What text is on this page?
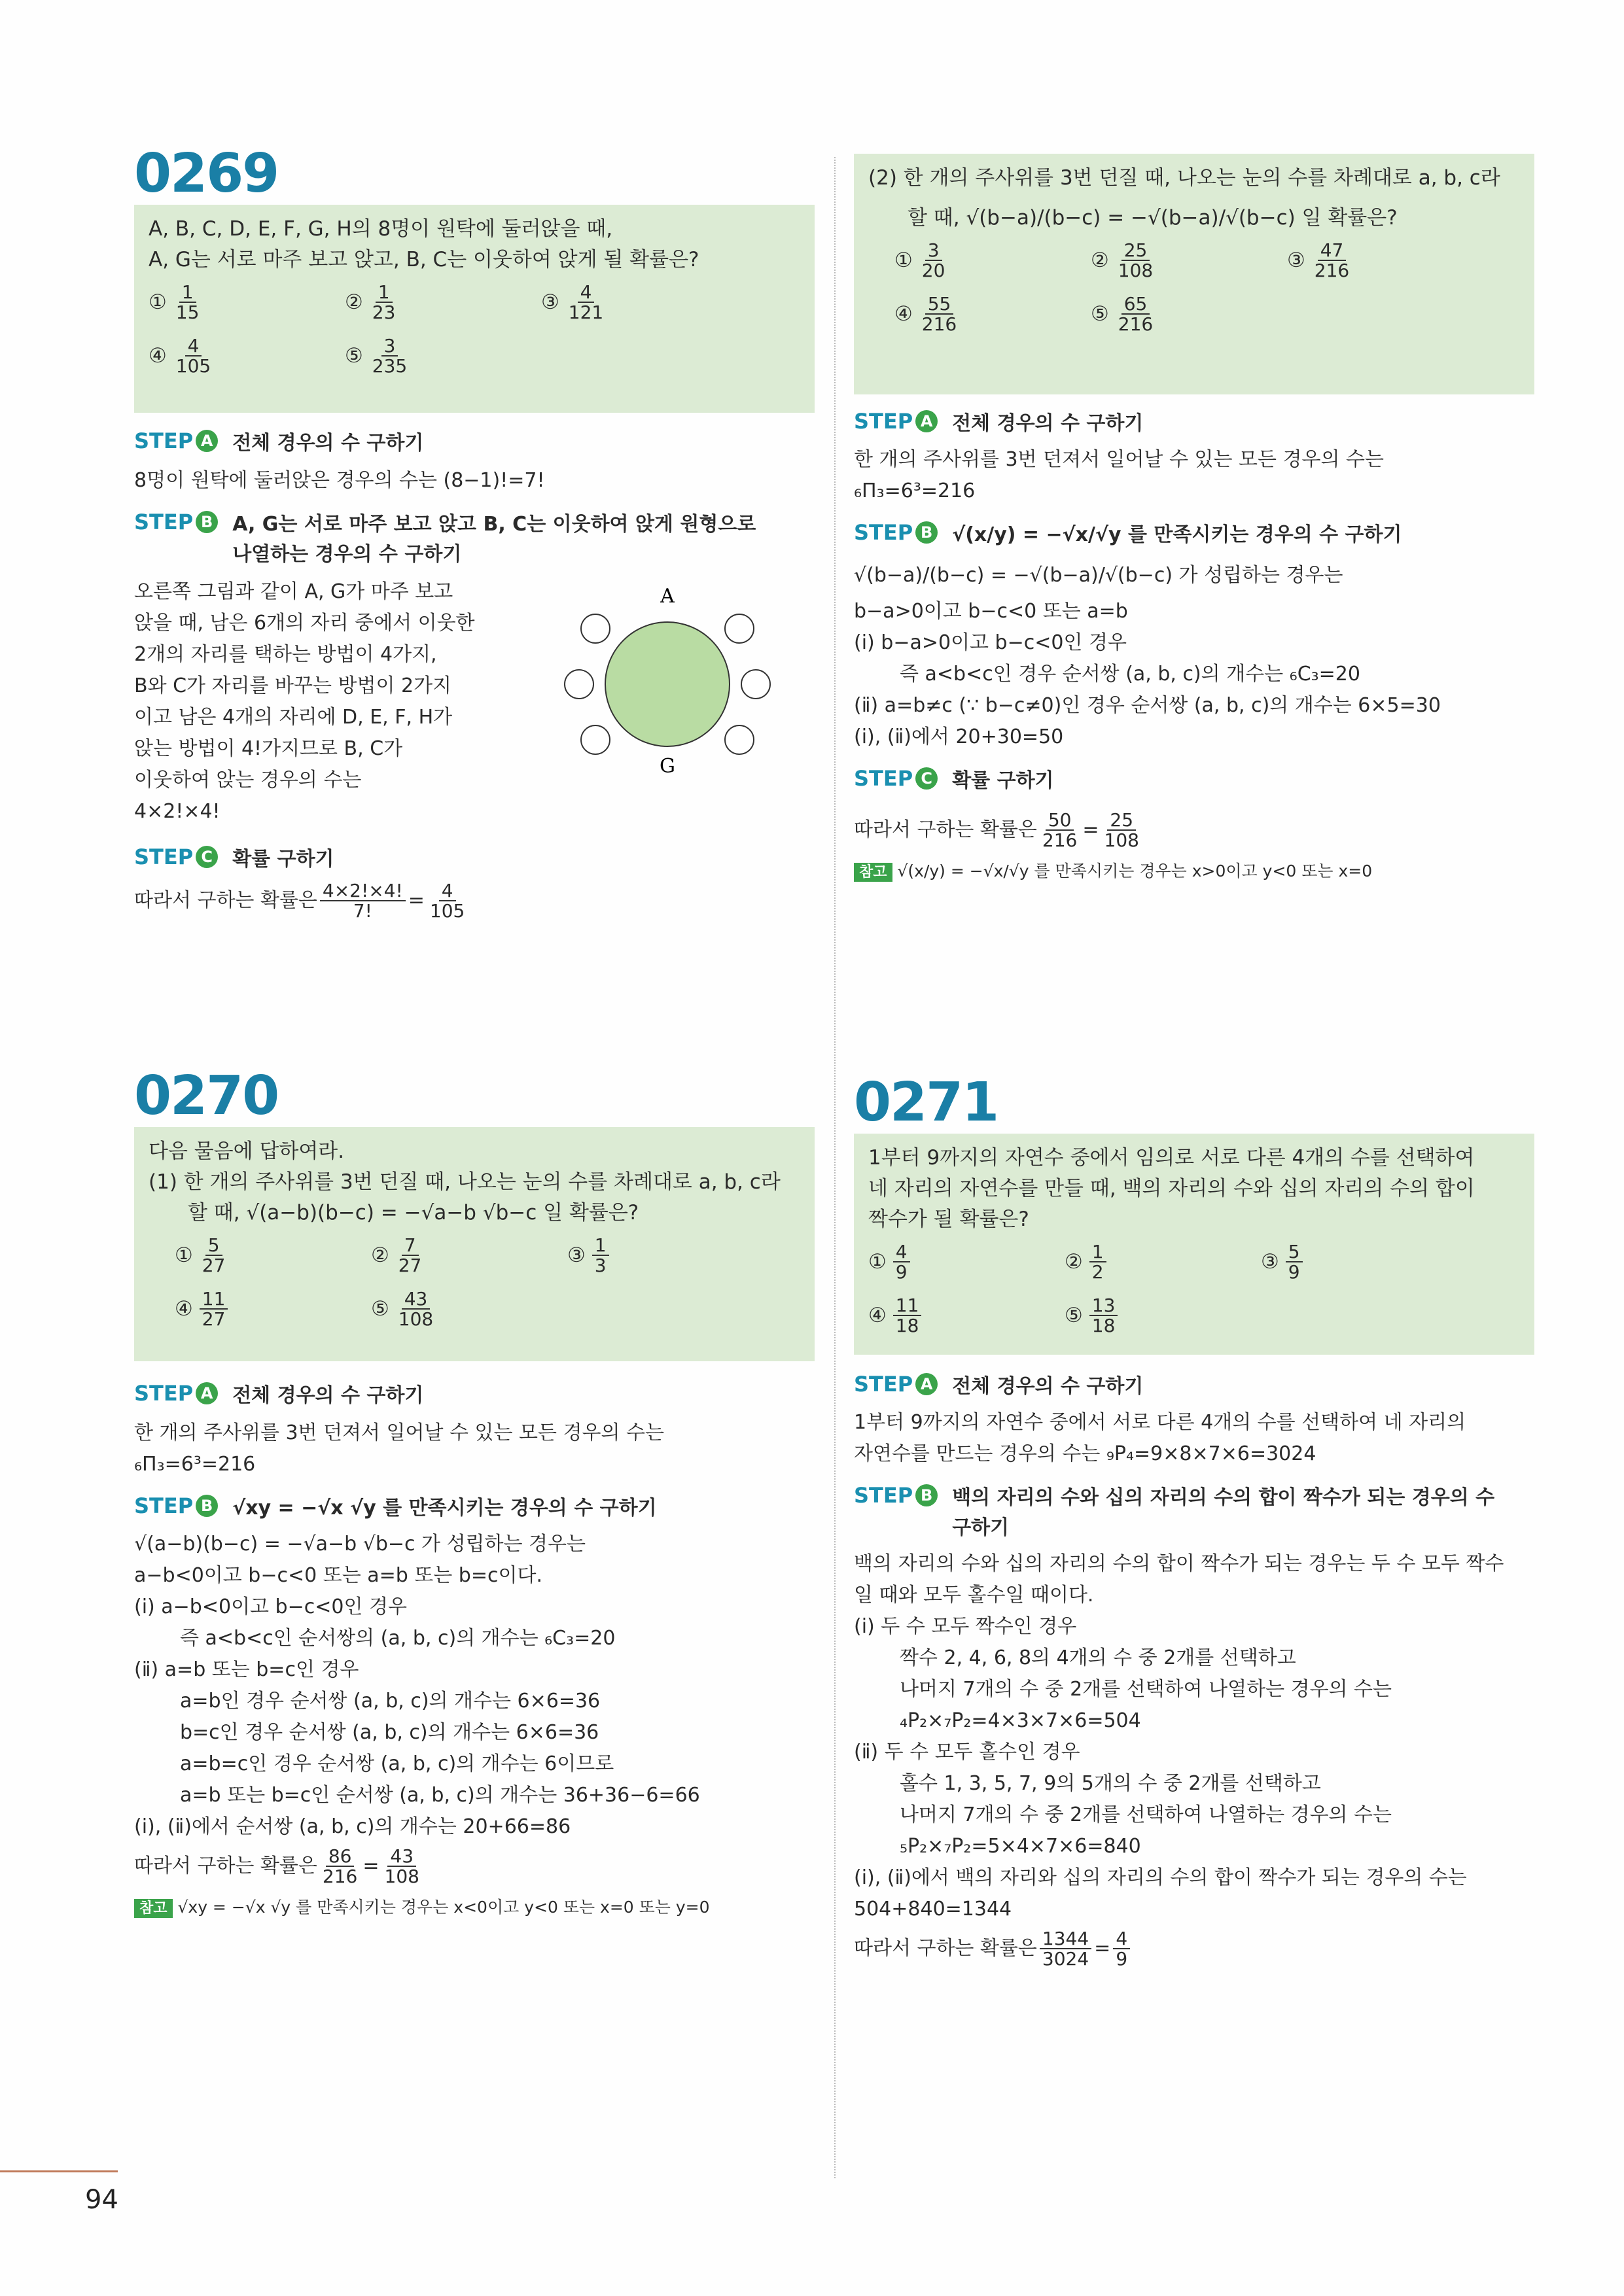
0269
A, B, C, D, E, F, G, H의 8명이 원탁에 둘러앉을 때,
A, G는 서로 마주 보고 앉고, B, C는 이웃하여 앉게 될 확률은?
① $\frac{1}{15}$	② $\frac{1}{23}$	③ $\frac{4}{121}$
④ $\frac{4}{105}$	⑤ $\frac{3}{235}$
STEP A 전체 경우의 수 구하기
8명이 원탁에 둘러앉은 경우의 수는 (8−1)!=7!
STEP B A, G는 서로 마주 보고 앉고 B, C는 이웃하여 앉게 원형으로 나열하는 경우의 수 구하기
오른쪽 그림과 같이 A, G가 마주 보고
앉을 때, 남은 6개의 자리 중에서 이웃한
2개의 자리를 택하는 방법이 4가지,
B와 C가 자리를 바꾸는 방법이 2가지
이고 남은 4개의 자리에 D, E, F, H가
앉는 방법이 4!가지므로 B, C가
이웃하여 앉는 경우의 수는
4×2!×4!
A
G
STEP C 확률 구하기
따라서 구하는 확률은 $\frac{4\times 2!\times 4!}{7!} = \frac{4}{105}$
0270
다음 물음에 답하여라.
(1) 한 개의 주사위를 3번 던질 때, 나오는 눈의 수를 차례대로 a, b, c라
할 때, √(a−b)(b−c) = −√a−b √b−c 일 확률은?
① $\frac{5}{27}$	② $\frac{7}{27}$	③ $\frac{1}{3}$
④ $\frac{11}{27}$	⑤ $\frac{43}{108}$
STEP A 전체 경우의 수 구하기
한 개의 주사위를 3번 던져서 일어날 수 있는 모든 경우의 수는
₆Π₃=6³=216
STEP B √xy = −√x √y 를 만족시키는 경우의 수 구하기
√(a−b)(b−c) = −√a−b √b−c 가 성립하는 경우는
a−b<0이고 b−c<0 또는 a=b 또는 b=c이다.
(ⅰ) a−b<0이고 b−c<0인 경우
즉 a<b<c인 순서쌍의 (a, b, c)의 개수는 ₆C₃=20
(ⅱ) a=b 또는 b=c인 경우
a=b인 경우 순서쌍 (a, b, c)의 개수는 6×6=36
b=c인 경우 순서쌍 (a, b, c)의 개수는 6×6=36
a=b=c인 경우 순서쌍 (a, b, c)의 개수는 6이므로
a=b 또는 b=c인 순서쌍 (a, b, c)의 개수는 36+36−6=66
(ⅰ), (ⅱ)에서 순서쌍 (a, b, c)의 개수는 20+66=86
따라서 구하는 확률은 $\frac{86}{216} = \frac{43}{108}$
참고 √xy = −√x √y 를 만족시키는 경우는 x<0이고 y<0 또는 x=0 또는 y=0
(2) 한 개의 주사위를 3번 던질 때, 나오는 눈의 수를 차례대로 a, b, c라
할 때, √(b−a)/(b−c) = −√(b−a)/√(b−c) 일 확률은?
① $\frac{3}{20}$	② $\frac{25}{108}$	③ $\frac{47}{216}$
④ $\frac{55}{216}$	⑤ $\frac{65}{216}$
STEP A 전체 경우의 수 구하기
한 개의 주사위를 3번 던져서 일어날 수 있는 모든 경우의 수는
₆Π₃=6³=216
STEP B √(x/y) = −√x/√y 를 만족시키는 경우의 수 구하기
√(b−a)/(b−c) = −√(b−a)/√(b−c) 가 성립하는 경우는
b−a>0이고 b−c<0 또는 a=b
(ⅰ) b−a>0이고 b−c<0인 경우
즉 a<b<c인 경우 순서쌍 (a, b, c)의 개수는 ₆C₃=20
(ⅱ) a=b≠c (∵ b−c≠0)인 경우 순서쌍 (a, b, c)의 개수는 6×5=30
(ⅰ), (ⅱ)에서 20+30=50
STEP C 확률 구하기
따라서 구하는 확률은 $\frac{50}{216} = \frac{25}{108}$
참고 √(x/y) = −√x/√y 를 만족시키는 경우는 x>0이고 y<0 또는 x=0
0271
1부터 9까지의 자연수 중에서 임의로 서로 다른 4개의 수를 선택하여
네 자리의 자연수를 만들 때, 백의 자리의 수와 십의 자리의 수의 합이
짝수가 될 확률은?
① $\frac{4}{9}$	② $\frac{1}{2}$	③ $\frac{5}{9}$
④ $\frac{11}{18}$	⑤ $\frac{13}{18}$
STEP A 전체 경우의 수 구하기
1부터 9까지의 자연수 중에서 서로 다른 4개의 수를 선택하여 네 자리의
자연수를 만드는 경우의 수는 ₉P₄=9×8×7×6=3024
STEP B 백의 자리의 수와 십의 자리의 수의 합이 짝수가 되는 경우의 수 구하기
백의 자리의 수와 십의 자리의 수의 합이 짝수가 되는 경우는 두 수 모두 짝수
일 때와 모두 홀수일 때이다.
(ⅰ) 두 수 모두 짝수인 경우
짝수 2, 4, 6, 8의 4개의 수 중 2개를 선택하고
나머지 7개의 수 중 2개를 선택하여 나열하는 경우의 수는
₄P₂×₇P₂=4×3×7×6=504
(ⅱ) 두 수 모두 홀수인 경우
홀수 1, 3, 5, 7, 9의 5개의 수 중 2개를 선택하고
나머지 7개의 수 중 2개를 선택하여 나열하는 경우의 수는
₅P₂×₇P₂=5×4×7×6=840
(ⅰ), (ⅱ)에서 백의 자리와 십의 자리의 수의 합이 짝수가 되는 경우의 수는
504+840=1344
따라서 구하는 확률은 $\frac{1344}{3024} = \frac{4}{9}$
94
